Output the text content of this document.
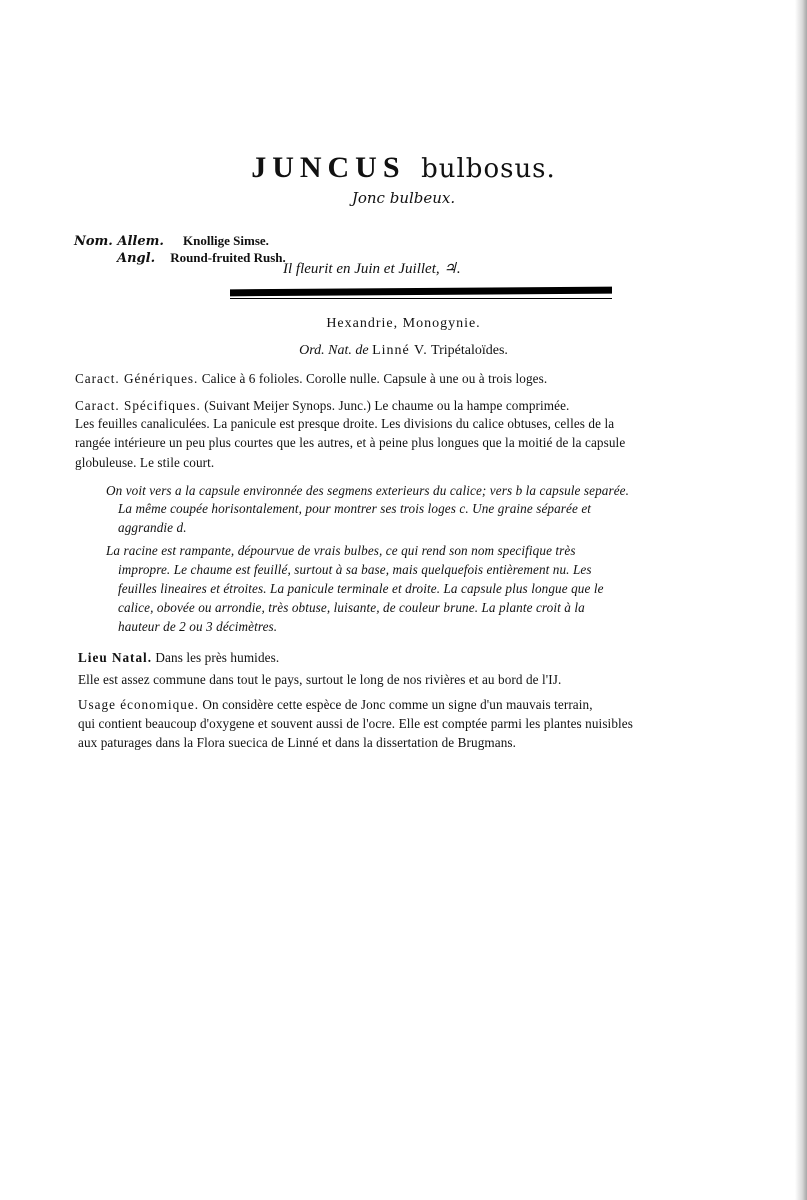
JUNCUS bulbosus.
Jonc bulbeux.
Nom. Allem. Knollige Simse.
Angl. Round-fruited Rush.
Il fleurit en Juin et Juillet, ♃.
Hexandrie, Monogynie.
Ord. Nat. de Linné V. Tripétaloïdes.
Caract. Génériques. Calice à 6 folioles. Corolle nulle. Capsule à une ou à trois loges.
Caract. Spécifiques. (Suivant Meijer Synops. Junc.) Le chaume ou la hampe comprimée.
Les feuilles canaliculées. La panicule est presque droite. Les divisions du calice obtuses, celles de la
rangée intérieure un peu plus courtes que les autres, et à peine plus longues que la moitié de la capsule
globuleuse. Le stile court.
On voit vers a la capsule environnée des segmens exterieurs du calice; vers b la capsule separée.
La même coupée horisontalement, pour montrer ses trois loges c. Une graine séparée et
aggrandie d.
La racine est rampante, dépourvue de vrais bulbes, ce qui rend son nom specifique très
impropre. Le chaume est feuillé, surtout à sa base, mais quelquefois entièrement nu. Les
feuilles lineaires et étroites. La panicule terminale et droite. La capsule plus longue que le
calice, obovée ou arrondie, très obtuse, luisante, de couleur brune. La plante croit à la
hauteur de 2 ou 3 décimètres.
Lieu Natal. Dans les près humides.
Elle est assez commune dans tout le pays, surtout le long de nos rivières et au bord de l'IJ.
Usage économique. On considère cette espèce de Jonc comme un signe d'un mauvais terrain,
qui contient beaucoup d'oxygene et souvent aussi de l'ocre. Elle est comptée parmi les plantes nuisibles
aux paturages dans la Flora suecica de Linné et dans la dissertation de Brugmans.
